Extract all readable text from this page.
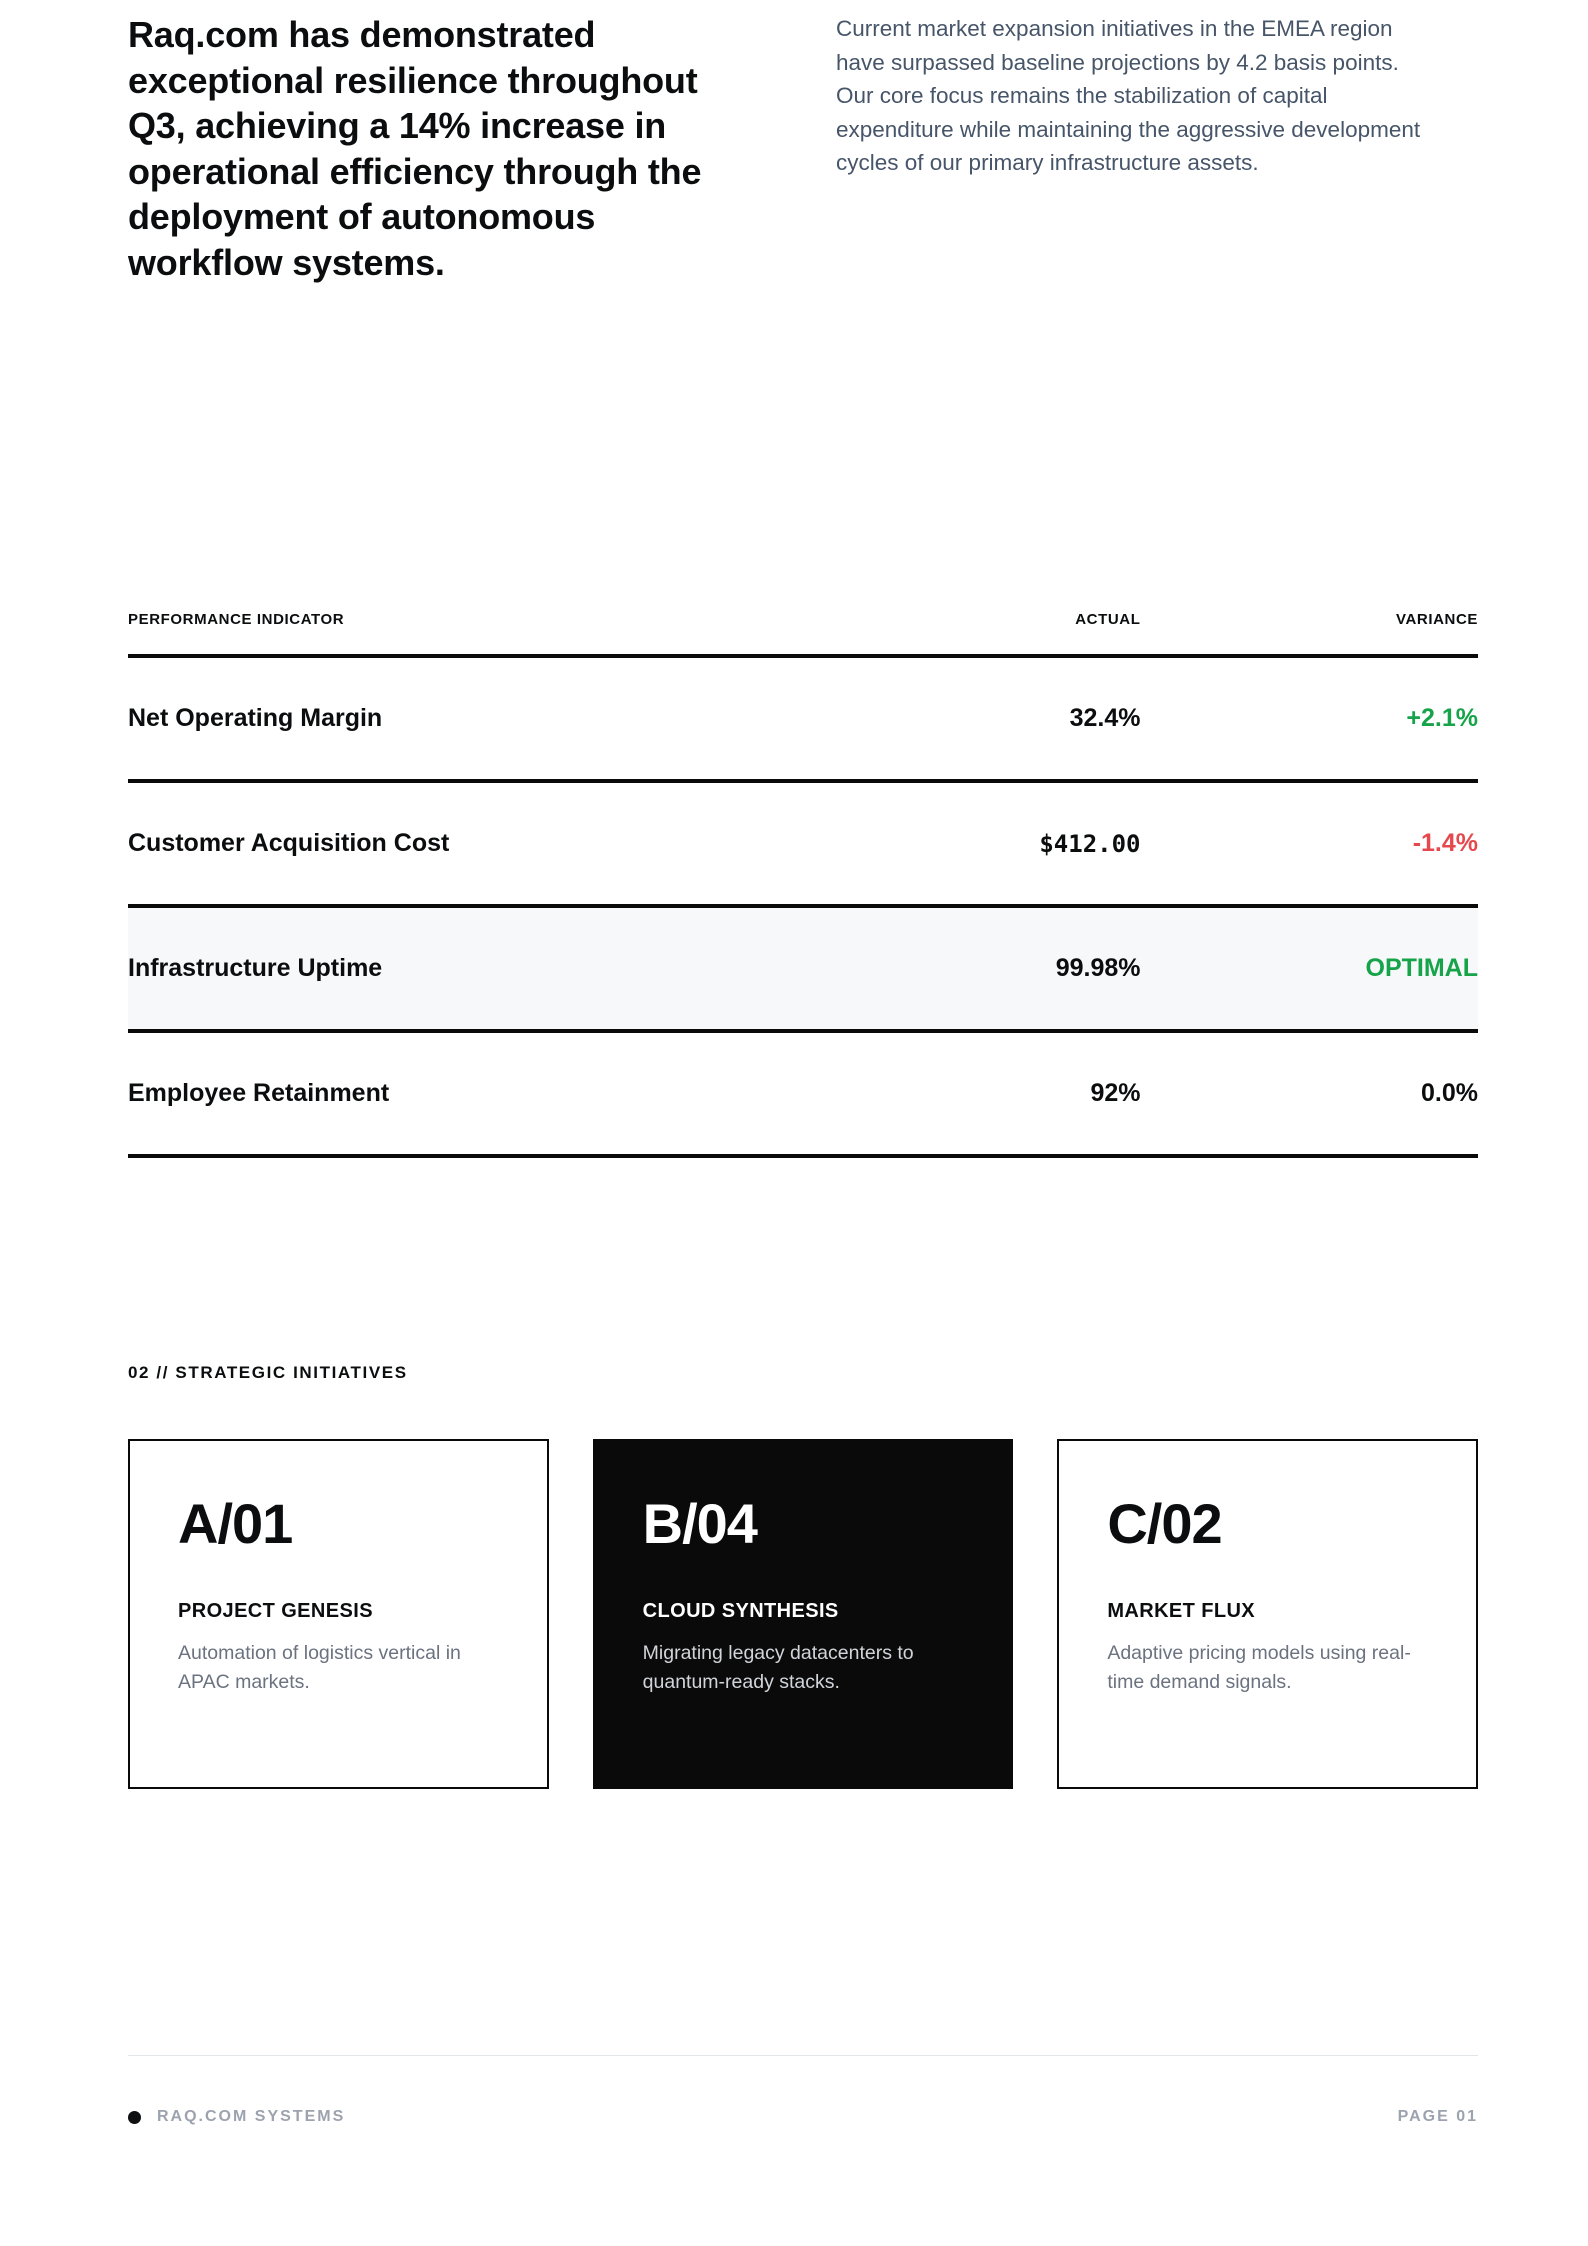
Raq.com has demonstrated exceptional resilience throughout Q3, achieving a 14% increase in operational efficiency through the deployment of autonomous workflow systems.

Current market expansion initiatives in the EMEA region have surpassed baseline projections by 4.2 basis points. Our core focus remains the stabilization of capital expenditure while maintaining the aggressive development cycles of our primary infrastructure assets.

PERFORMANCE INDICATOR	ACTUAL	VARIANCE
Net Operating Margin	32.4%	+2.1%
Customer Acquisition Cost	$412.00	-1.4%
Infrastructure Uptime	99.98%	OPTIMAL
Employee Retainment	92%	0.0%
02 // STRATEGIC INITIATIVES
A/01
PROJECT GENESIS
Automation of logistics vertical in APAC markets.
B/04
CLOUD SYNTHESIS
Migrating legacy datacenters to quantum-ready stacks.
C/02
MARKET FLUX
Adaptive pricing models using real-time demand signals.
RAQ.COM SYSTEMS	PAGE 01
